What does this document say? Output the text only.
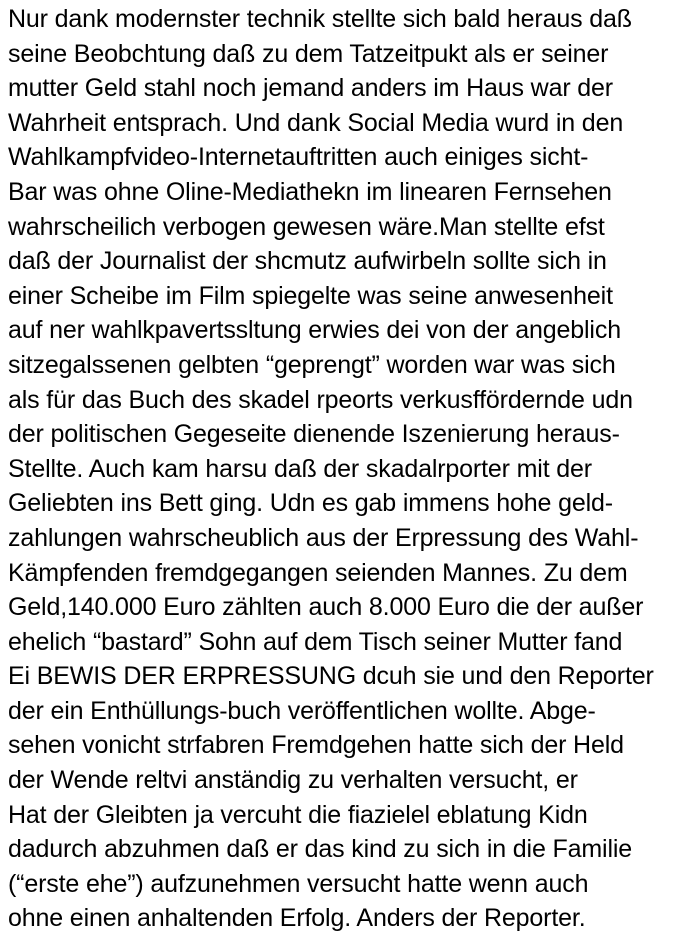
Nur dank modernster technik stellte sich bald heraus daß
seine Beobchtung daß zu dem Tatzeitpukt als er seiner
mutter Geld stahl noch jemand anders im Haus war der
Wahrheit entsprach. Und dank Social Media wurd in den
Wahlkampfvideo-Internetauftritten auch einiges sicht-
Bar was ohne Oline-Mediathekn im linearen Fernsehen
wahrscheilich verbogen gewesen wäre.Man stellte efst
daß der Journalist der shcmutz aufwirbeln sollte sich in
einer Scheibe im Film spiegelte was seine anwesenheit
auf ner wahlkpavertssltung erwies dei von der angeblich
sitzegalssenen gelbten “geprengt” worden war was sich
als für das Buch des skadel rpeorts verkusffördernde udn
der politischen Gegeseite dienende Iszenierung heraus-
Stellte. Auch kam harsu daß der skadalrporter mit der
Geliebten ins Bett ging. Udn es gab immens hohe geld-
zahlungen wahrscheublich aus der Erpressung des Wahl-
Kämpfenden fremdgegangen seienden Mannes. Zu dem
Geld,140.000 Euro zählten auch 8.000 Euro die der außer
ehelich “bastard” Sohn auf dem Tisch seiner Mutter fand
Ei BEWIS DER ERPRESSUNG dcuh sie und den Reporter
der ein Enthüllungs-buch veröffentlichen wollte. Abge-
sehen vonicht strfabren Fremdgehen hatte sich der Held
der Wende reltvi anständig zu verhalten versucht, er
Hat der Gleibten ja vercuht die fiazielel eblatung Kidn
dadurch abzuhmen daß er das kind zu sich in die Familie
(“erste ehe”) aufzunehmen versucht hatte wenn auch
ohne einen anhaltenden Erfolg. Anders der Reporter.
